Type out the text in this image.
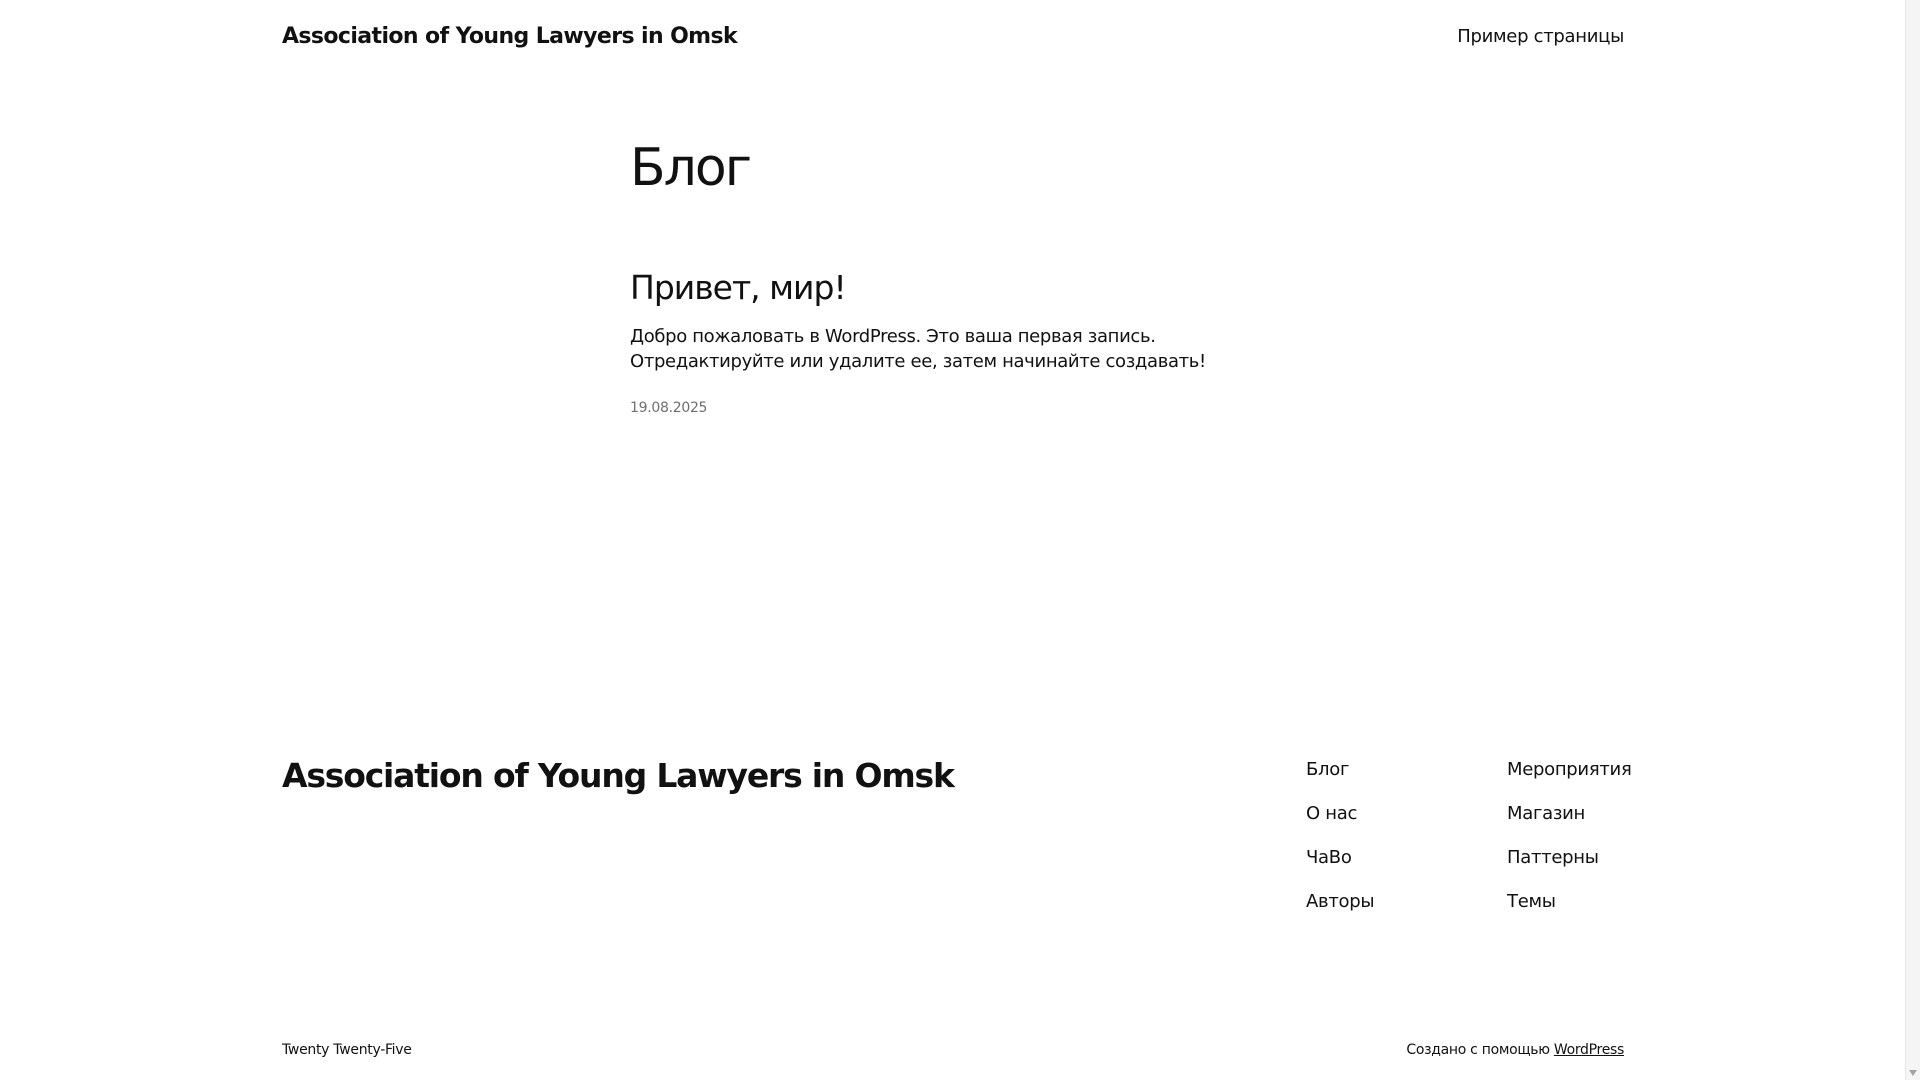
Association of Young Lawyers in Omsk	Пример страницы
Блог
Привет, мир!

Добро пожаловать в WordPress. Это ваша первая запись. Отредактируйте или удалите ее, затем начинайте создавать!

19.08.2025
Association of Young Lawyers in Omsk	Блог
О нас
ЧаВо
Авторы
Мероприятия
Магазин
Паттерны
Темы
Twenty Twenty-Five	Создано с помощью WordPress
